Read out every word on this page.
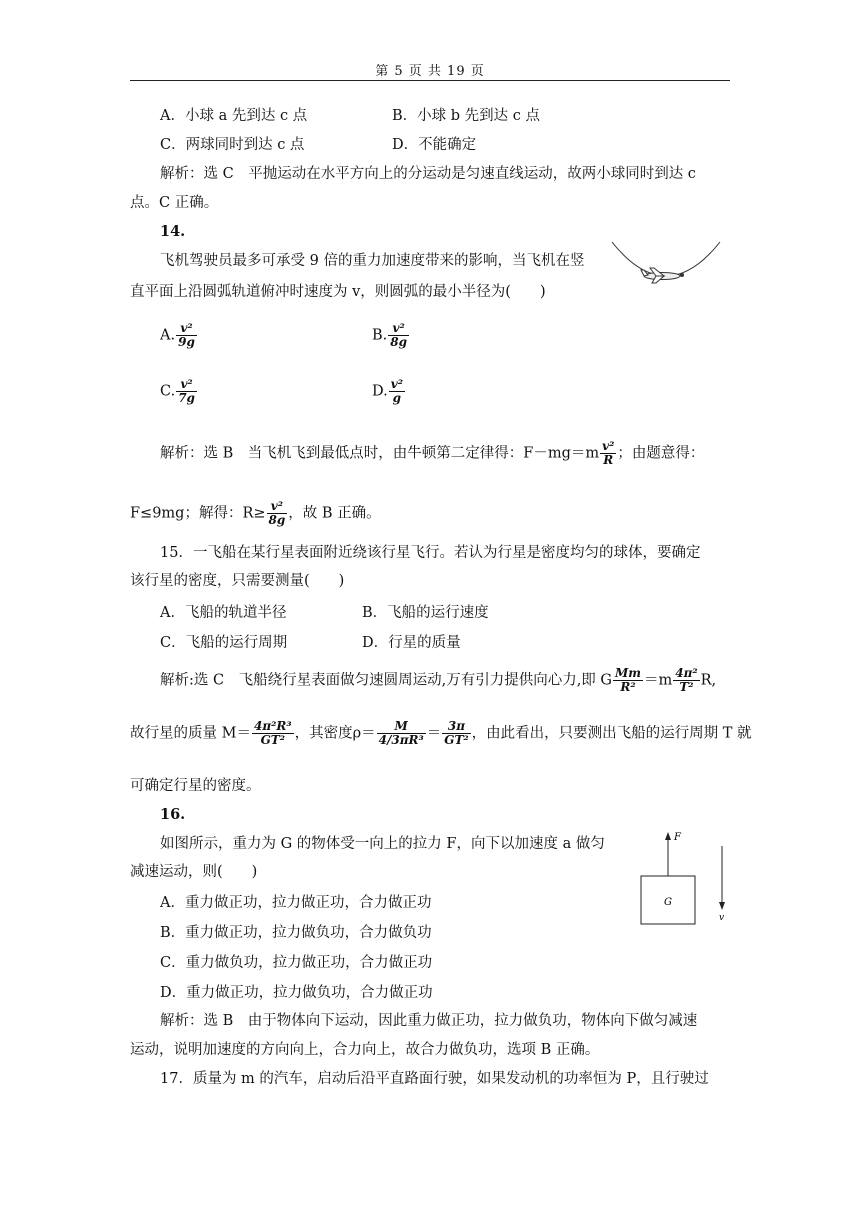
第 5 页 共 19 页
A．小球 a 先到达 c 点	B．小球 b 先到达 c 点
C．两球同时到达 c 点	D．不能确定
解析：选 C　平抛运动在水平方向上的分运动是匀速直线运动，故两小球同时到达 c
点。C 正确。
14.
飞机驾驶员最多可承受 9 倍的重力加速度带来的影响，当飞机在竖
直平面上沿圆弧轨道俯冲时速度为 v，则圆弧的最小半径为(　　)
A. $\frac{\text{v²}}{9g}$	B. $\frac{\text{v²}}{8g}$
C. $\frac{\text{v²}}{7g}$	D. $\frac{\text{v²}}{g}$
解析：选 B　当飞机飞到最低点时，由牛顿第二定律得：$F-mg=m \frac{\text{v²}}{R}$ ；由题意得：
F≤9mg；解得：$R\ge \frac{\text{v²}}{8g}$ ，故 B 正确。
15．一飞船在某行星表面附近绕该行星飞行。若认为行星是密度均匀的球体，要确定
该行星的密度，只需要测量(　　)
A．飞船的轨道半径	B．飞船的运行速度
C．飞船的运行周期	D．行星的质量
解析:选 C　飞船绕行星表面做匀速圆周运动,万有引力提供向心力,即 G $\frac{Mm}{\text{R²}} =m \frac{\text{4π²}}{\text{T²}} R$,
故行星的质量 $M= \frac{\text{4π²R³}}{\text{GT²}}$ ，其密度$\rho= \frac{M}{\text{4/3πR³}} = \frac{3\pi}{\text{GT²}}$ ，由此看出，只要测出飞船的运行周期 T 就
可确定行星的密度。
16.
如图所示，重力为 G 的物体受一向上的拉力 F，向下以加速度 a 做匀
减速运动，则(　　)
A．重力做正功，拉力做正功，合力做正功
B．重力做正功，拉力做负功，合力做负功
C．重力做负功，拉力做正功，合力做正功
D．重力做正功，拉力做负功，合力做正功
解析：选 B　由于物体向下运动，因此重力做正功，拉力做负功，物体向下做匀减速
运动，说明加速度的方向向上，合力向上，故合力做负功，选项 B 正确。
F
G
v
17．质量为 m 的汽车，启动后沿平直路面行驶，如果发动机的功率恒为 P，且行驶过
